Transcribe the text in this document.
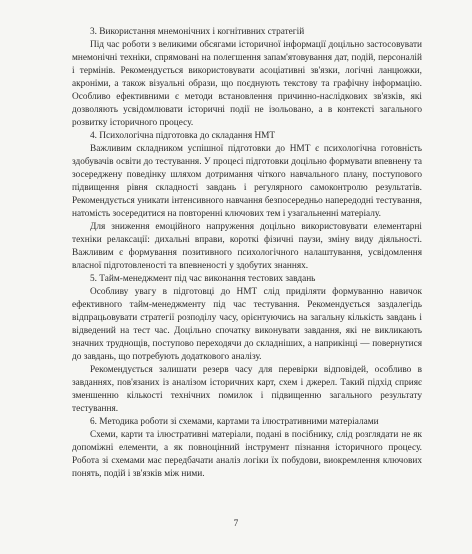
3. Використання мнемонічних і когнітивних стратегій

Під час роботи з великими обсягами історичної інформації доцільно застосовувати мнемонічні техніки, спрямовані на полегшення запам'ятовування дат, подій, персоналій і термінів. Рекомендується використовувати асоціативні зв'язки, логічні ланцюжки, акроніми, а також візуальні образи, що поєднують текстову та графічну інформацію. Особливо ефективними є методи встановлення причинно-наслідкових зв'язків, які дозволяють усвідомлювати історичні події не ізольовано, а в контексті загального розвитку історичного процесу.

4. Психологічна підготовка до складання НМТ

Важливим складником успішної підготовки до НМТ є психологічна готовність здобувачів освіти до тестування. У процесі підготовки доцільно формувати впевнену та зосереджену поведінку шляхом дотримання чіткого навчального плану, поступового підвищення рівня складності завдань і регулярного самоконтролю результатів. Рекомендується уникати інтенсивного навчання безпосередньо напередодні тестування, натомість зосередитися на повторенні ключових тем і узагальненні матеріалу.

Для зниження емоційного напруження доцільно використовувати елементарні техніки релаксації: дихальні вправи, короткі фізичні паузи, зміну виду діяльності. Важливим є формування позитивного психологічного налаштування, усвідомлення власної підготовленості та впевненості у здобутих знаннях.

5. Тайм-менеджмент під час виконання тестових завдань

Особливу увагу в підготовці до НМТ слід приділяти формуванню навичок ефективного тайм-менеджменту під час тестування. Рекомендується заздалегідь відпрацьовувати стратегії розподілу часу, орієнтуючись на загальну кількість завдань і відведений на тест час. Доцільно спочатку виконувати завдання, які не викликають значних труднощів, поступово переходячи до складніших, а наприкінці — повернутися до завдань, що потребують додаткового аналізу.

Рекомендується залишати резерв часу для перевірки відповідей, особливо в завданнях, пов'язаних із аналізом історичних карт, схем і джерел. Такий підхід сприяє зменшенню кількості технічних помилок і підвищенню загального результату тестування.

6. Методика роботи зі схемами, картами та ілюстративними матеріалами

Схеми, карти та ілюстративні матеріали, подані в посібнику, слід розглядати не як допоміжні елементи, а як повноцінний інструмент пізнання історичного процесу. Робота зі схемами має передбачати аналіз логіки їх побудови, виокремлення ключових понять, подій і зв'язків між ними.

7
